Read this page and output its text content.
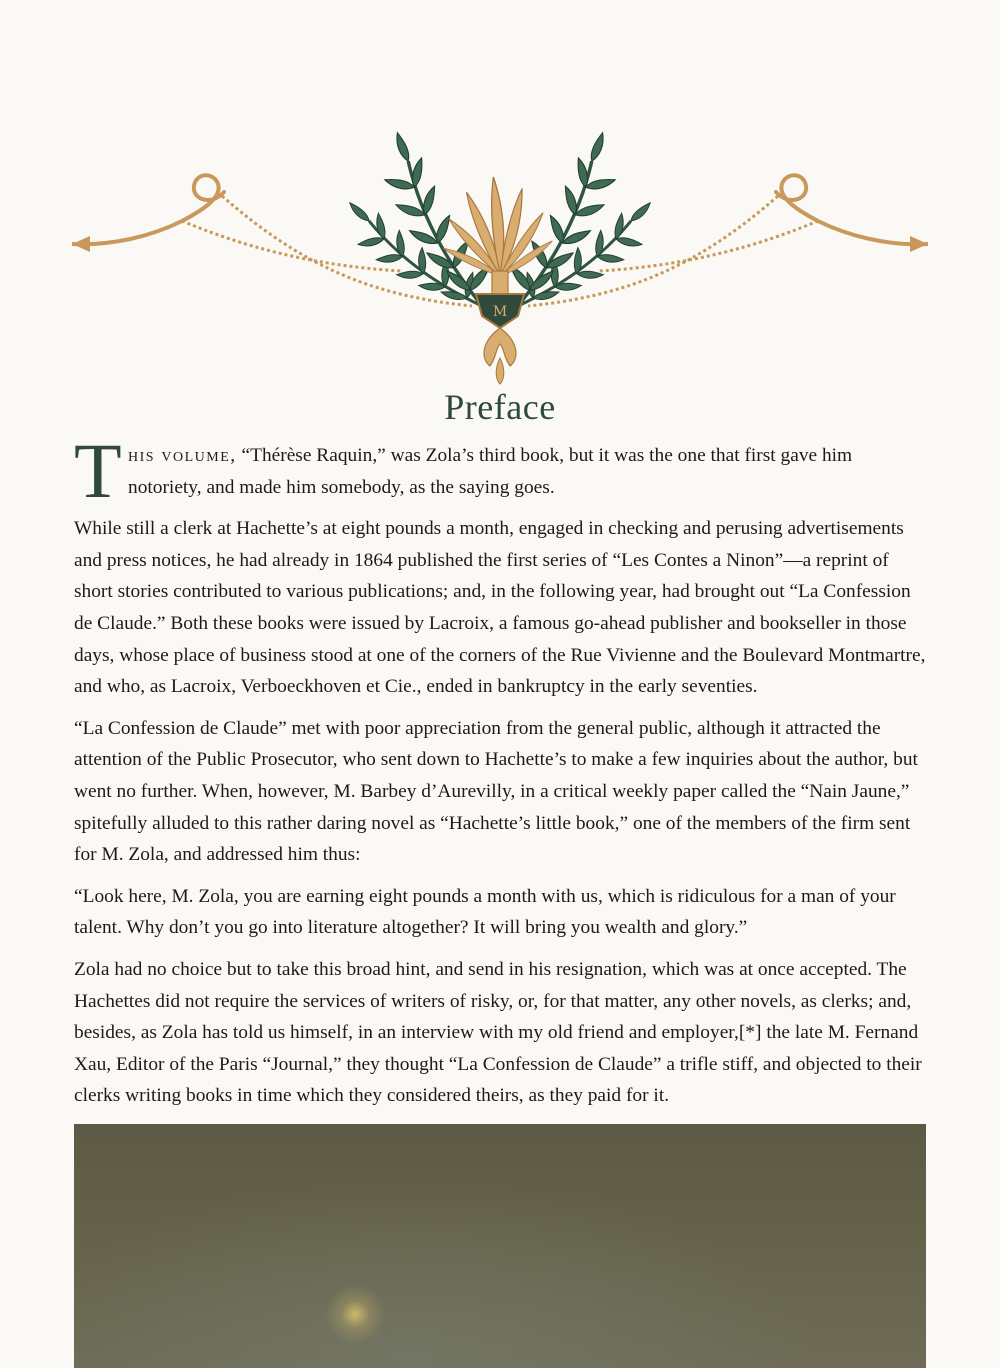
M
Preface

T his volume, “Thérèse Raquin,” was Zola’s third book, but it was the one that first gave him notoriety, and made him somebody, as the saying goes.

While still a clerk at Hachette’s at eight pounds a month, engaged in checking and perusing advertisements and press notices, he had already in 1864 published the first series of “Les Contes a Ninon”—a reprint of short stories contributed to various publications; and, in the following year, had brought out “La Confession de Claude.” Both these books were issued by Lacroix, a famous go-ahead publisher and bookseller in those days, whose place of business stood at one of the corners of the Rue Vivienne and the Boulevard Montmartre, and who, as Lacroix, Verboeckhoven et Cie., ended in bankruptcy in the early seventies.

“La Confession de Claude” met with poor appreciation from the general public, although it attracted the attention of the Public Prosecutor, who sent down to Hachette’s to make a few inquiries about the author, but went no further. When, however, M. Barbey d’Aurevilly, in a critical weekly paper called the “Nain Jaune,” spitefully alluded to this rather daring novel as “Hachette’s little book,” one of the members of the firm sent for M. Zola, and addressed him thus:

“Look here, M. Zola, you are earning eight pounds a month with us, which is ridiculous for a man of your talent. Why don’t you go into literature altogether? It will bring you wealth and glory.”

Zola had no choice but to take this broad hint, and send in his resignation, which was at once accepted. The Hachettes did not require the services of writers of risky, or, for that matter, any other novels, as clerks; and, besides, as Zola has told us himself, in an interview with my old friend and employer,[*] the late M. Fernand Xau, Editor of the Paris “Journal,” they thought “La Confession de Claude” a trifle stiff, and objected to their clerks writing books in time which they considered theirs, as they paid for it.
